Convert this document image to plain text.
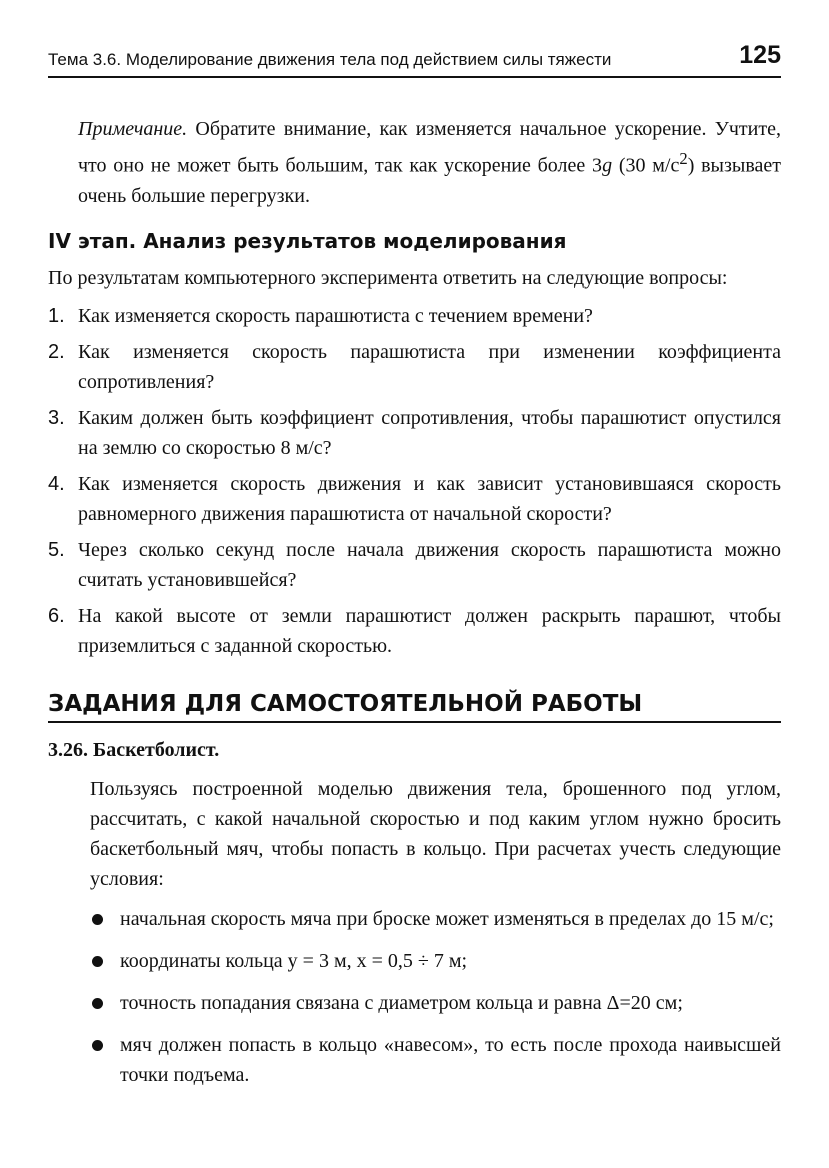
Тема 3.6. Моделирование движения тела под действием силы тяжести	125
Примечание. Обратите внимание, как изменяется начальное ускорение. Учтите, что оно не может быть большим, так как ускорение более 3g (30 $м/с^2$) вызывает очень большие перегрузки.
IV этап. Анализ результатов моделирования
По результатам компьютерного эксперимента ответить на следующие вопросы:
1. Как изменяется скорость парашютиста с течением времени?
2. Как изменяется скорость парашютиста при изменении коэффициента сопротивления?
3. Каким должен быть коэффициент сопротивления, чтобы парашютист опустился на землю со скоростью 8 м/с?
4. Как изменяется скорость движения и как зависит установившаяся скорость равномерного движения парашютиста от начальной скорости?
5. Через сколько секунд после начала движения скорость парашютиста можно считать установившейся?
6. На какой высоте от земли парашютист должен раскрыть парашют, чтобы приземлиться с заданной скоростью.
ЗАДАНИЯ ДЛЯ САМОСТОЯТЕЛЬНОЙ РАБОТЫ
3.26. Баскетболист.
Пользуясь построенной моделью движения тела, брошенного под углом, рассчитать, с какой начальной скоростью и под каким углом нужно бросить баскетбольный мяч, чтобы попасть в кольцо. При расчетах учесть следующие условия:
начальная скорость мяча при броске может изменяться в пределах до 15 м/с;
координаты кольца y = 3 м, x = 0,5 ÷ 7 м;
точность попадания связана с диаметром кольца и равна Δ=20 см;
мяч должен попасть в кольцо «навесом», то есть после прохода наивысшей точки подъема.
